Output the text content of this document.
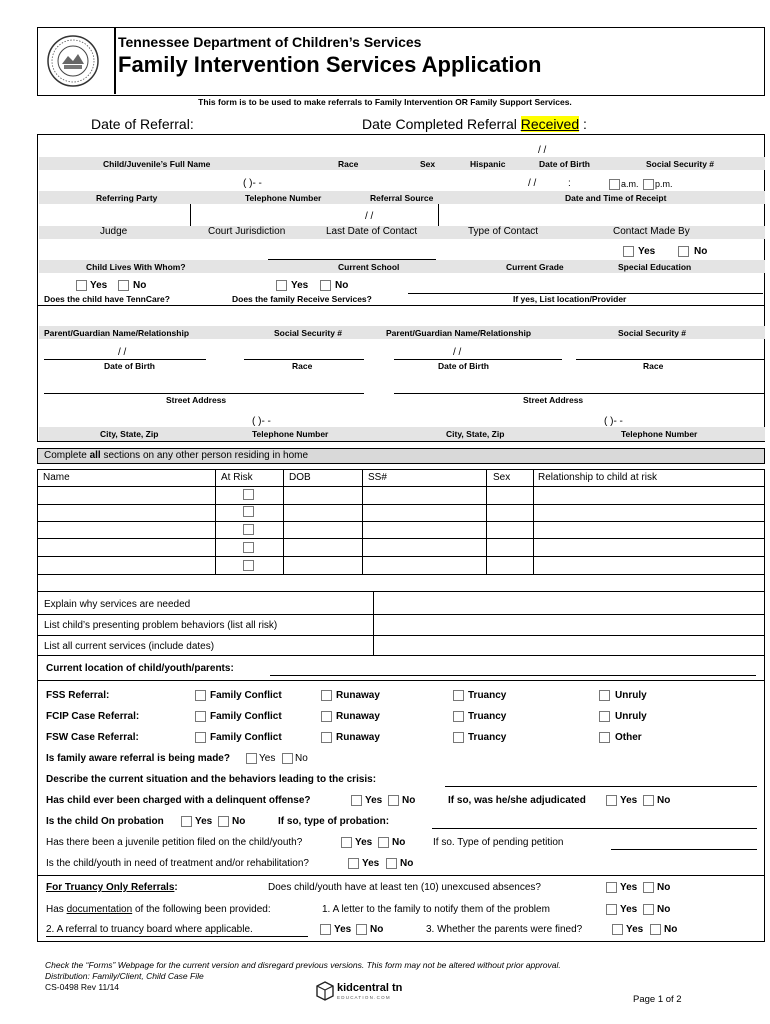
Tennessee Department of Children’s Services
Family Intervention Services Application
This form is to be used to make referrals to Family Intervention OR Family Support Services.
Date of Referral:	Date Completed Referral Received :
/ /
Child/Juvenile’s Full Name	Race	Sex	Hispanic	Date of Birth	Social Security #
( )- -	/ /	:	a.m. p.m.
Referring Party	Telephone Number	Referral Source	Date and Time of Receipt
/ /
Judge	Court Jurisdiction	Last Date of Contact	Type of Contact	Contact Made By
Yes	No
Child Lives With Whom?	Current School	Current Grade	Special Education
Yes	No	Yes	No
Does the child have TennCare?	Does the family Receive Services?	If yes, List location/Provider
Parent/Guardian Name/Relationship	Social Security #	Parent/Guardian Name/Relationship	Social Security #
/ /	/ /
Date of Birth	Race	Date of Birth	Race
Street Address	Street Address
( )- -	( )- -
City, State, Zip	Telephone Number	City, State, Zip	Telephone Number
Complete all sections on any other person residing in home
Name	At Risk	DOB	SS#	Sex	Relationship to child at risk
Explain why services are needed
List child’s presenting problem behaviors (list all risk)
List all current services (include dates)
Current location of child/youth/parents:
FSS Referral:	Family Conflict	Runaway	Truancy	Unruly
FCIP Case Referral:	Family Conflict	Runaway	Truancy	Unruly
FSW Case Referral:	Family Conflict	Runaway	Truancy	Other
Is family aware referral is being made?	Yes No
Describe the current situation and the behaviors leading to the crisis:
Has child ever been charged with a delinquent offense?	Yes No	If so, was he/she adjudicated	Yes No
Is the child On probation	Yes No	If so, type of probation:
Has there been a juvenile petition filed on the child/youth?	Yes No	If so. Type of pending petition
Is the child/youth in need of treatment and/or rehabilitation?	Yes No
For Truancy Only Referrals:	Does child/youth have at least ten (10) unexcused absences?	Yes No
Has documentation of the following been provided:	1. A letter to the family to notify them of the problem	Yes No
2. A referral to truancy board where applicable.	Yes No	3. Whether the parents were fined?	Yes No
Check the “Forms” Webpage for the current version and disregard previous versions. This form may not be altered without prior approval.
Distribution: Family/Client, Child Case File
CS-0498 Rev 11/14	kidcentral tn
E D U C A T I O N . C O M	Page 1 of 2
